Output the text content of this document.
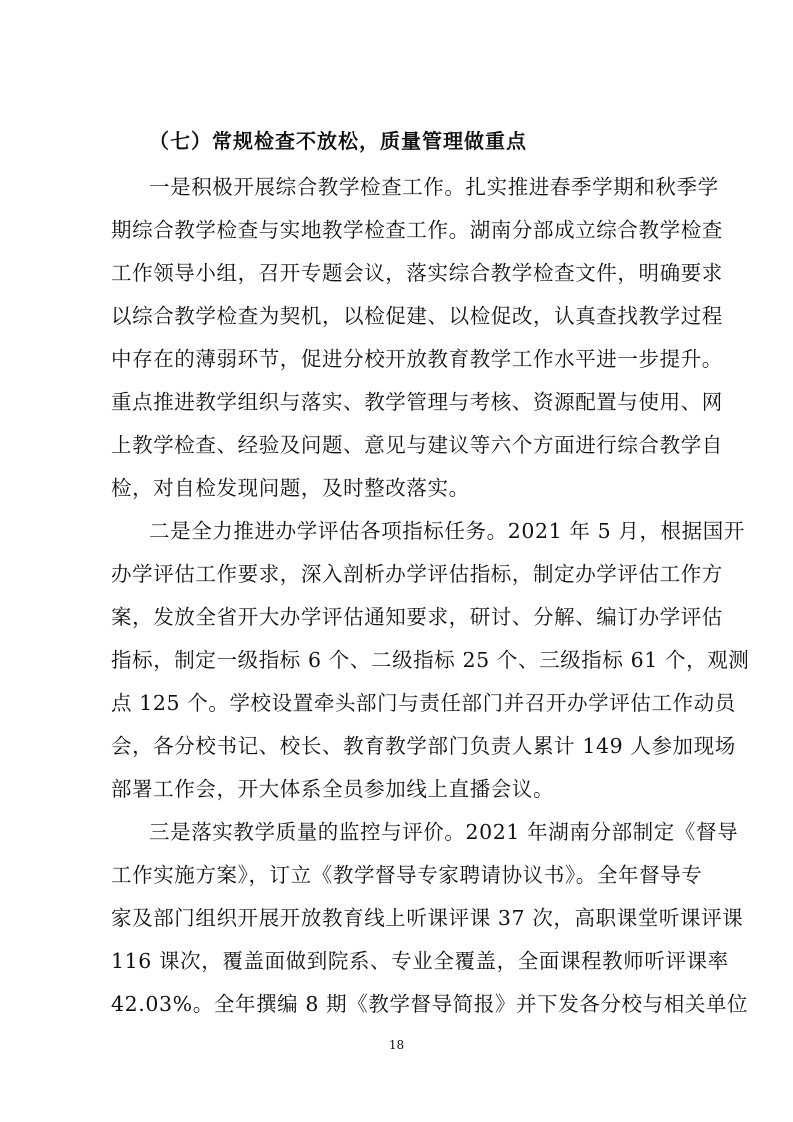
（七）常规检查不放松，质量管理做重点
一是积极开展综合教学检查工作。扎实推进春季学期和秋季学
期综合教学检查与实地教学检查工作。湖南分部成立综合教学检查
工作领导小组，召开专题会议，落实综合教学检查文件，明确要求
以综合教学检查为契机，以检促建、以检促改，认真查找教学过程
中存在的薄弱环节，促进分校开放教育教学工作水平进一步提升。
重点推进教学组织与落实、教学管理与考核、资源配置与使用、网
上教学检查、经验及问题、意见与建议等六个方面进行综合教学自
检，对自检发现问题，及时整改落实。
二是全力推进办学评估各项指标任务。2021 年 5 月，根据国开
办学评估工作要求，深入剖析办学评估指标，制定办学评估工作方
案，发放全省开大办学评估通知要求，研讨、分解、编订办学评估
指标，制定一级指标 6 个、二级指标 25 个、三级指标 61 个，观测
点 125 个。学校设置牵头部门与责任部门并召开办学评估工作动员
会，各分校书记、校长、教育教学部门负责人累计 149 人参加现场
部署工作会，开大体系全员参加线上直播会议。
三是落实教学质量的监控与评价。2021 年湖南分部制定《督导
工作实施方案》，订立《教学督导专家聘请协议书》。全年督导专
家及部门组织开展开放教育线上听课评课 37 次，高职课堂听课评课
116 课次，覆盖面做到院系、专业全覆盖，全面课程教师听评课率
42.03%。全年撰编 8 期《教学督导简报》并下发各分校与相关单位
18
